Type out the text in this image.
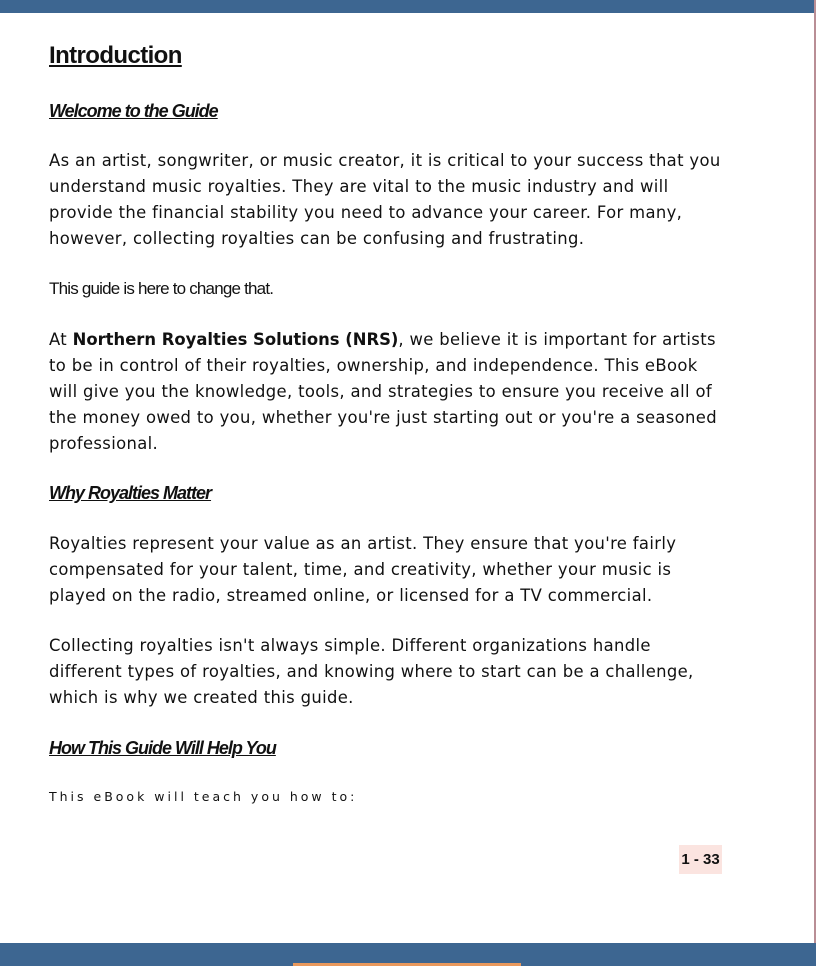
Introduction
Welcome to the Guide

As an artist, songwriter, or music creator, it is critical to your success that you understand music royalties. They are vital to the music industry and will provide the financial stability you need to advance your career. For many, however, collecting royalties can be confusing and frustrating.

This guide is here to change that.

At Northern Royalties Solutions (NRS), we believe it is important for artists to be in control of their royalties, ownership, and independence. This eBook will give you the knowledge, tools, and strategies to ensure you receive all of the money owed to you, whether you're just starting out or you're a seasoned professional.

Why Royalties Matter

Royalties represent your value as an artist. They ensure that you're fairly compensated for your talent, time, and creativity, whether your music is played on the radio, streamed online, or licensed for a TV commercial.

Collecting royalties isn't always simple. Different organizations handle different types of royalties, and knowing where to start can be a challenge, which is why we created this guide.

How This Guide Will Help You

This eBook will teach you how to:

1 - 33
